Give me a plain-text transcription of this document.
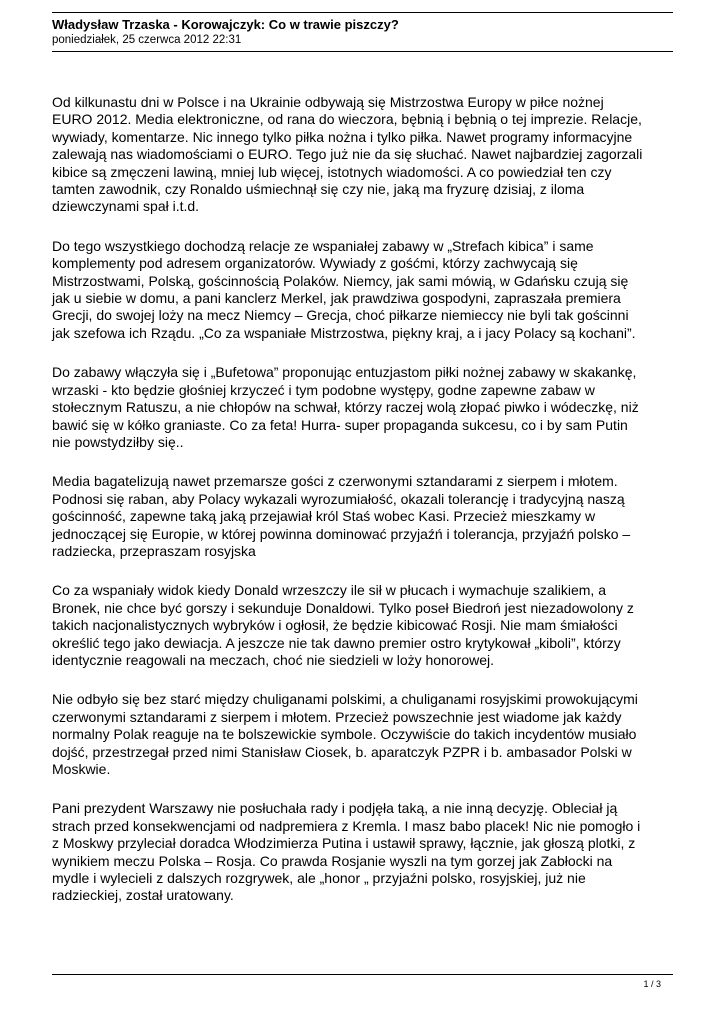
Władysław Trzaska - Korowajczyk: Co w trawie piszczy?
poniedziałek, 25 czerwca 2012 22:31

Od kilkunastu dni w Polsce i na Ukrainie odbywają się Mistrzostwa Europy w piłce nożnej
EURO 2012. Media elektroniczne, od rana do wieczora, bębnią i bębnią o tej imprezie. Relacje,
wywiady, komentarze. Nic innego tylko piłka nożna i tylko piłka. Nawet programy informacyjne
zalewają nas wiadomościami o EURO. Tego już nie da się słuchać. Nawet najbardziej zagorzali
kibice są zmęczeni lawiną, mniej lub więcej, istotnych wiadomości. A co powiedział ten czy
tamten zawodnik, czy Ronaldo uśmiechnął się czy nie, jaką ma fryzurę dzisiaj, z iloma
dziewczynami spał i.t.d.

Do tego wszystkiego dochodzą relacje ze wspaniałej zabawy w „Strefach kibica” i same
komplementy pod adresem organizatorów. Wywiady z gośćmi, którzy zachwycają się
Mistrzostwami, Polską, gościnnością Polaków. Niemcy, jak sami mówią, w Gdańsku czują się
jak u siebie w domu, a pani kanclerz Merkel, jak prawdziwa gospodyni, zapraszała premiera
Grecji, do swojej loży na mecz Niemcy – Grecja, choć piłkarze niemieccy nie byli tak gościnni
jak szefowa ich Rządu. „Co za wspaniałe Mistrzostwa, piękny kraj, a i jacy Polacy są kochani”.

Do zabawy włączyła się i „Bufetowa” proponując entuzjastom piłki nożnej zabawy w skakankę,
wrzaski - kto będzie głośniej krzyczeć i tym podobne występy, godne zapewne zabaw w
stołecznym Ratuszu, a nie chłopów na schwał, którzy raczej wolą złopać piwko i wódeczkę, niż
bawić się w kółko graniaste. Co za feta! Hurra- super propaganda sukcesu, co i by sam Putin
nie powstydziłby się..

Media bagatelizują nawet przemarsze gości z czerwonymi sztandarami z sierpem i młotem.
Podnosi się raban, aby Polacy wykazali wyrozumiałość, okazali tolerancję i tradycyjną naszą
gościnność, zapewne taką jaką przejawiał król Staś wobec Kasi. Przecież mieszkamy w
jednoczącej się Europie, w której powinna dominować przyjaźń i tolerancja, przyjaźń polsko –
radziecka, przepraszam rosyjska

Co za wspaniały widok kiedy Donald wrzeszczy ile sił w płucach i wymachuje szalikiem, a
Bronek, nie chce być gorszy i sekunduje Donaldowi. Tylko poseł Biedroń jest niezadowolony z
takich nacjonalistycznych wybryków i ogłosił, że będzie kibicować Rosji. Nie mam śmiałości
określić tego jako dewiacja. A jeszcze nie tak dawno premier ostro krytykował „kiboli”, którzy
identycznie reagowali na meczach, choć nie siedzieli w loży honorowej.

Nie odbyło się bez starć między chuliganami polskimi, a chuliganami rosyjskimi prowokującymi
czerwonymi sztandarami z sierpem i młotem. Przecież powszechnie jest wiadome jak każdy
normalny Polak reaguje na te bolszewickie symbole. Oczywiście do takich incydentów musiało
dojść, przestrzegał przed nimi Stanisław Ciosek, b. aparatczyk PZPR i b. ambasador Polski w
Moskwie.

Pani prezydent Warszawy nie posłuchała rady i podjęła taką, a nie inną decyzję. Obleciał ją
strach przed konsekwencjami od nadpremiera z Kremla. I masz babo placek! Nic nie pomogło i
z Moskwy przyleciał doradca Włodzimierza Putina i ustawił sprawy, łącznie, jak głoszą plotki, z
wynikiem meczu Polska – Rosja. Co prawda Rosjanie wyszli na tym gorzej jak Zabłocki na
mydle i wylecieli z dalszych rozgrywek, ale „honor „ przyjaźni polsko, rosyjskiej, już nie
radzieckiej, został uratowany.

1 / 3
